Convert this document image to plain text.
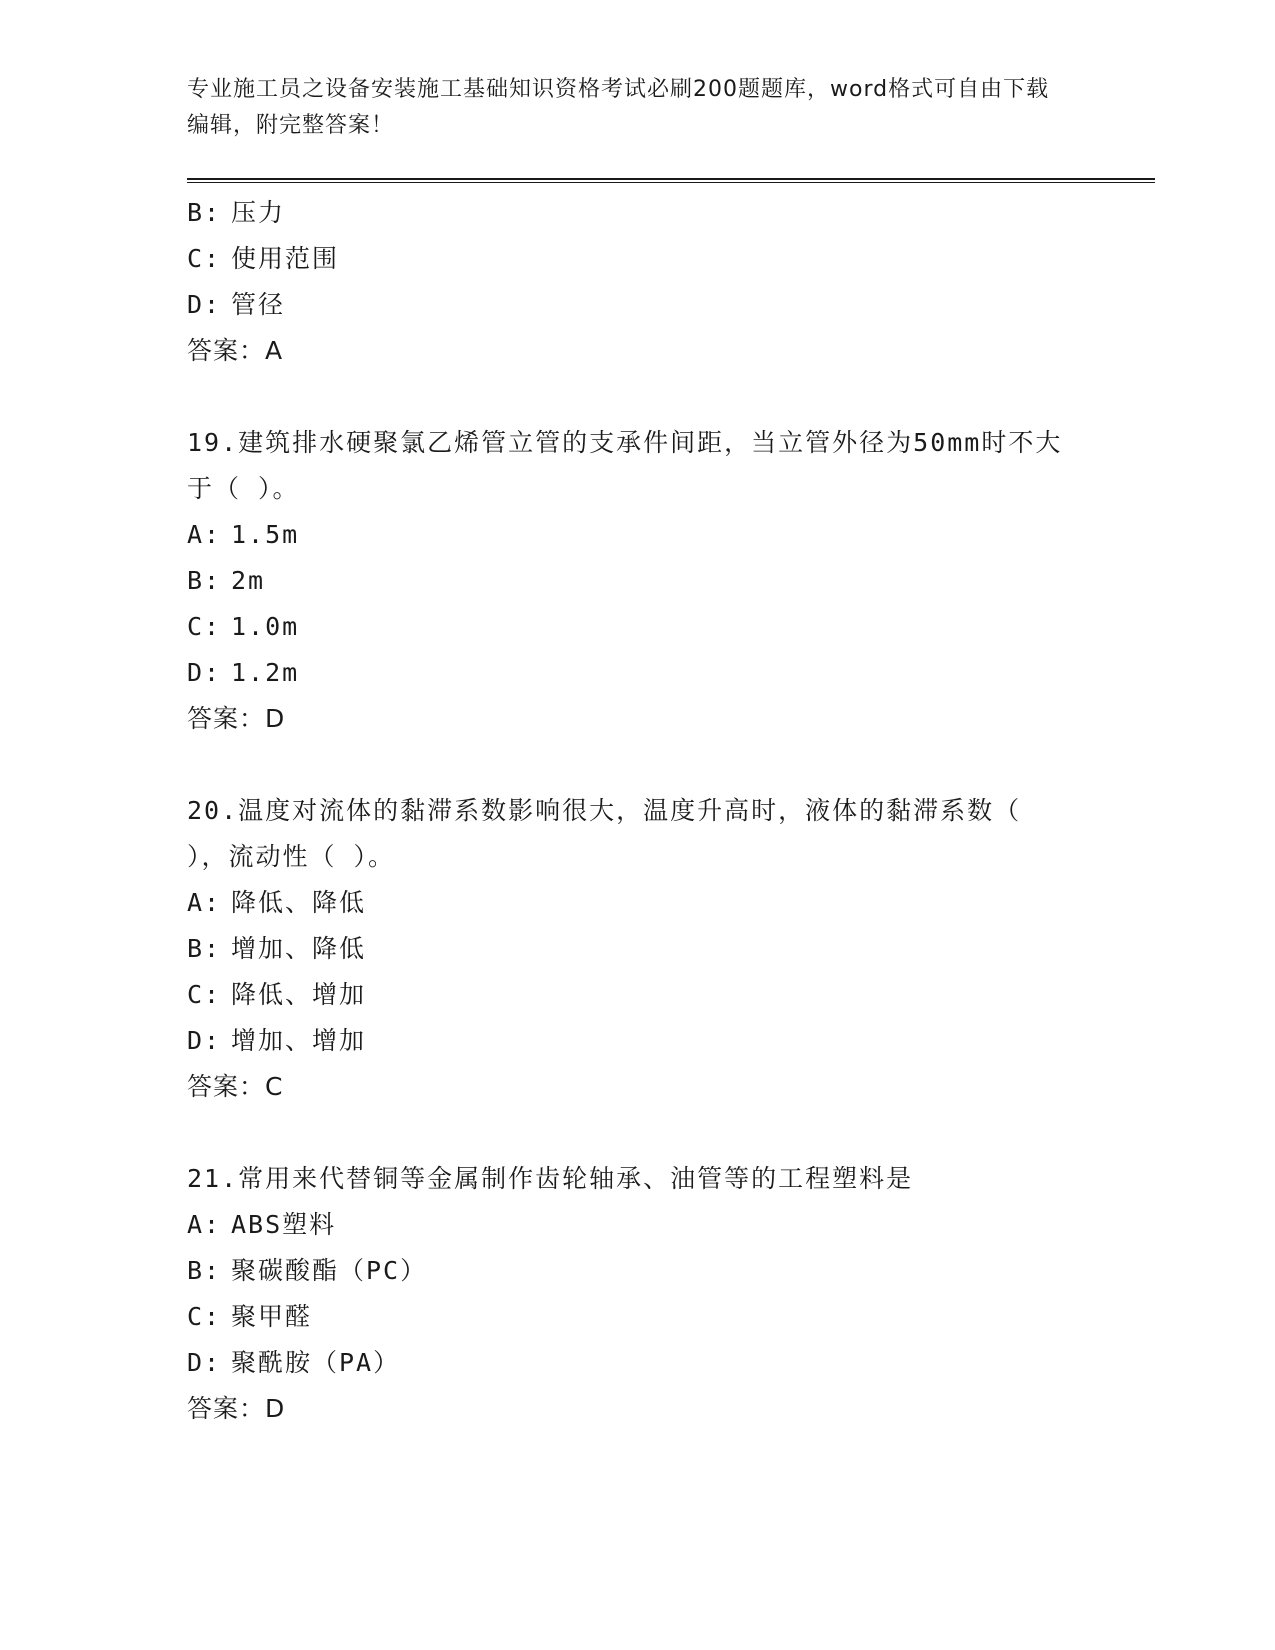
专业施工员之设备安装施工基础知识资格考试必刷200题题库，word格式可自由下载编辑，附完整答案！
B: 压力
C: 使用范围
D: 管径
答案：A
19.建筑排水硬聚氯乙烯管立管的支承件间距，当立管外径为50mm时不大于（ ）。
A: 1.5m
B: 2m
C: 1.0m
D: 1.2m
答案：D
20.温度对流体的黏滞系数影响很大，温度升高时，液体的黏滞系数（ ），流动性（ ）。
A: 降低、降低
B: 增加、降低
C: 降低、增加
D: 增加、增加
答案：C
21.常用来代替铜等金属制作齿轮轴承、油管等的工程塑料是
A: ABS塑料
B: 聚碳酸酯（PC）
C: 聚甲醛
D: 聚酰胺（PA）
答案：D
